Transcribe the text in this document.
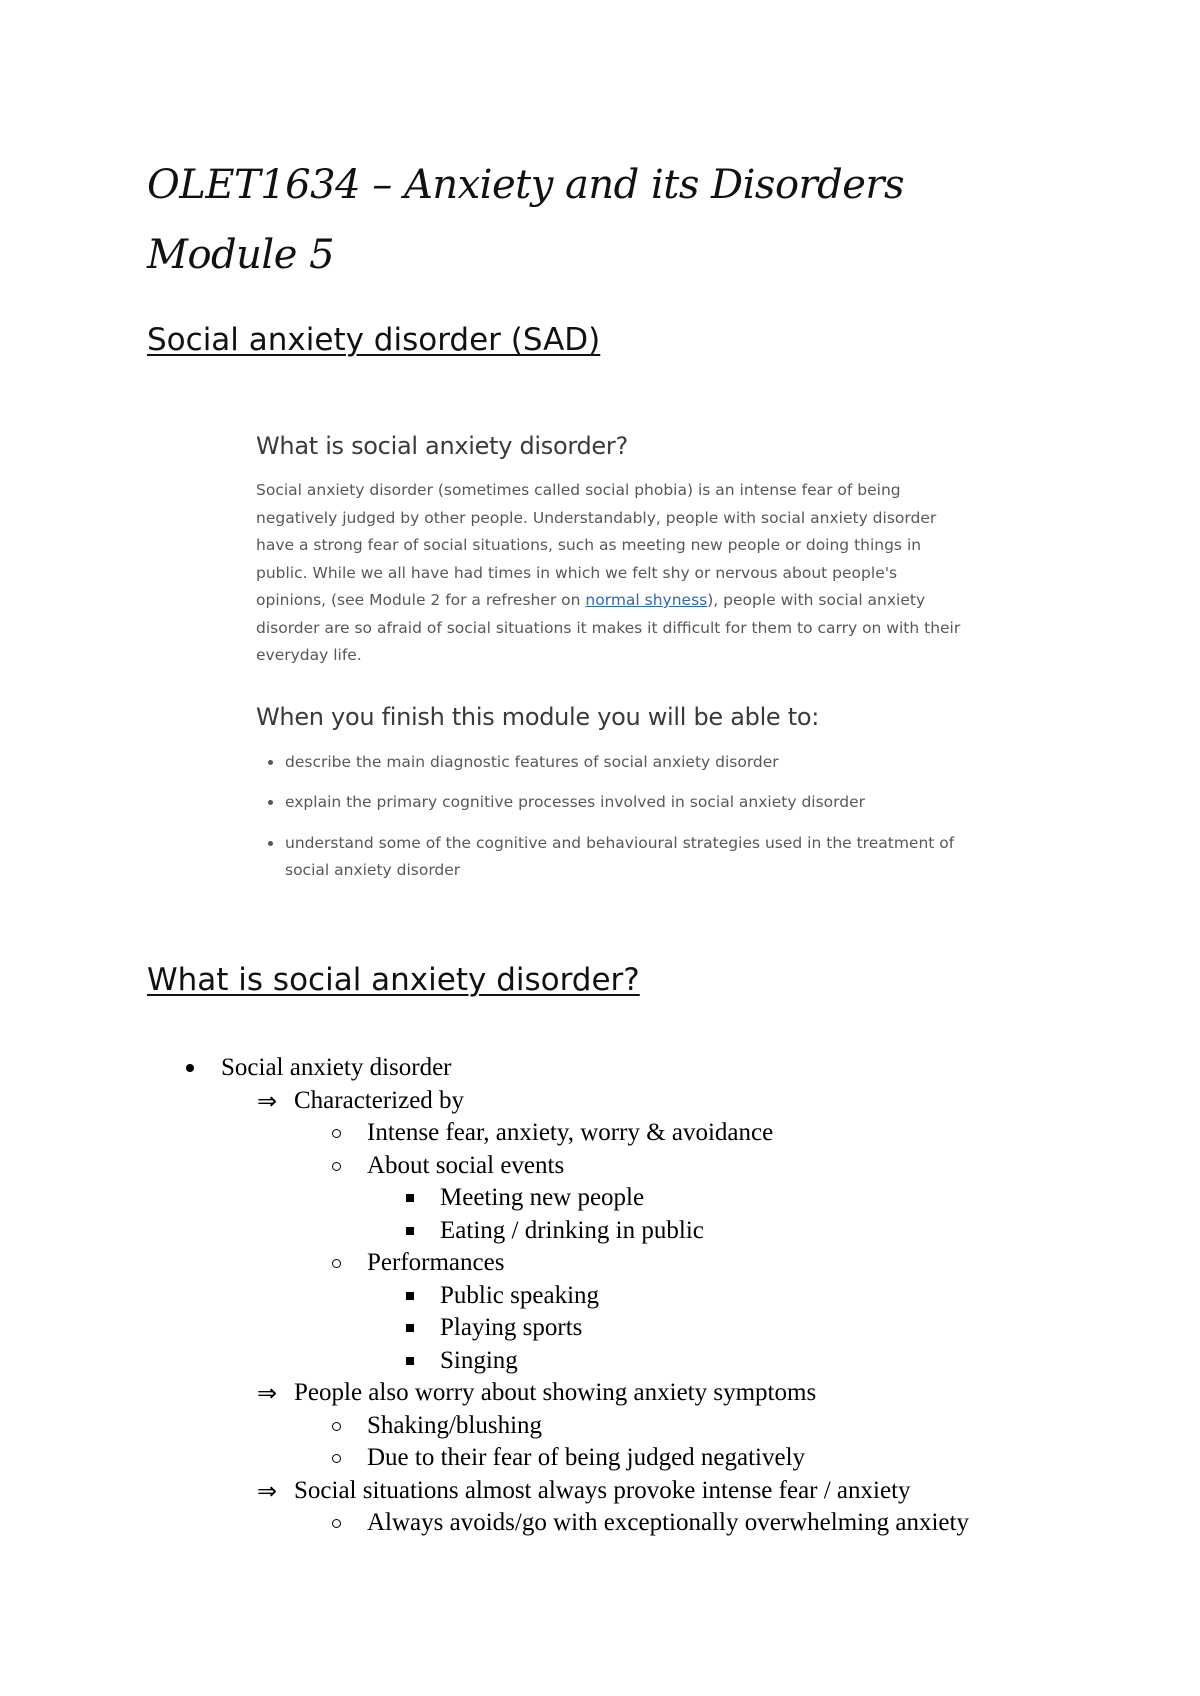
OLET1634 – Anxiety and its Disorders
Module 5
Social anxiety disorder (SAD)
What is social anxiety disorder?

Social anxiety disorder (sometimes called social phobia) is an intense fear of being negatively judged by other people. Understandably, people with social anxiety disorder have a strong fear of social situations, such as meeting new people or doing things in public. While we all have had times in which we felt shy or nervous about people's opinions, (see Module 2 for a refresher on normal shyness), people with social anxiety disorder are so afraid of social situations it makes it difficult for them to carry on with their everyday life.

When you finish this module you will be able to:
describe the main diagnostic features of social anxiety disorder
explain the primary cognitive processes involved in social anxiety disorder
understand some of the cognitive and behavioural strategies used in the treatment of social anxiety disorder
What is social anxiety disorder?
Social anxiety disorder
⇒ Characterized by
Intense fear, anxiety, worry & avoidance
About social events
Meeting new people
Eating / drinking in public
Performances
Public speaking
Playing sports
Singing
⇒ People also worry about showing anxiety symptoms
Shaking/blushing
Due to their fear of being judged negatively
⇒ Social situations almost always provoke intense fear / anxiety
Always avoids/go with exceptionally overwhelming anxiety
